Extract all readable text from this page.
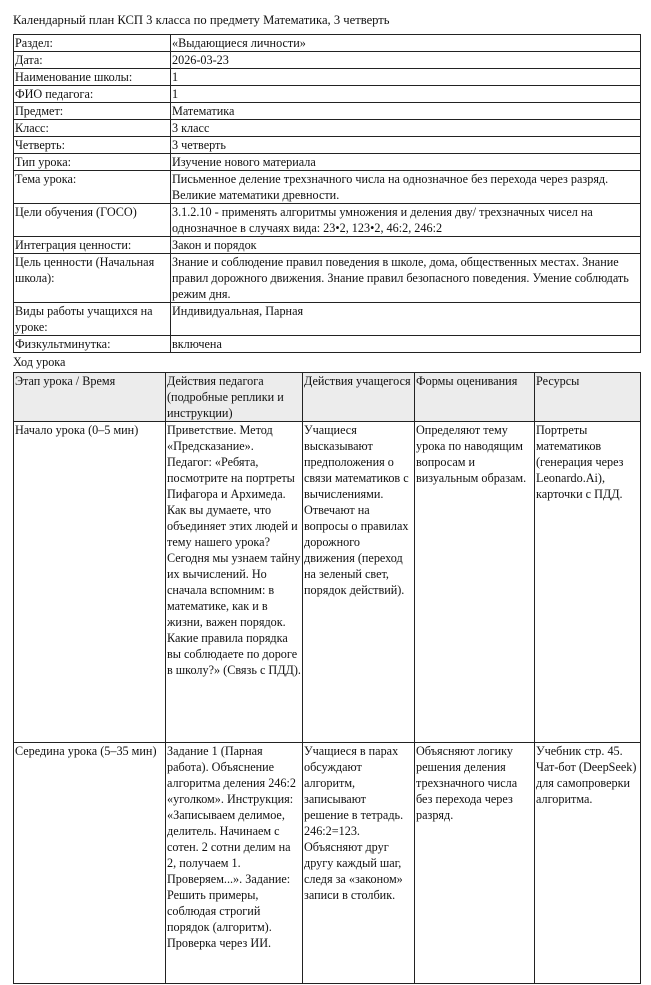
Календарный план КСП 3 класса по предмету Математика, 3 четверть

Раздел:	«Выдающиеся личности»
Дата:	2026-03-23
Наименование школы:	1
ФИО педагога:	1
Предмет:	Математика
Класс:	3 класс
Четверть:	3 четверть
Тип урока:	Изучение нового материала
Тема урока:	Письменное деление трехзначного числа на однозначное без перехода через разряд. Великие математики древности.
Цели обучения (ГОСО)	3.1.2.10 - применять алгоритмы умножения и деления дву/ трехзначных чисел на однозначное в случаях вида: 23•2, 123•2, 46:2, 246:2
Интеграция ценности:	Закон и порядок
Цель ценности (Начальная школа):	Знание и соблюдение правил поведения в школе, дома, общественных местах. Знание правил дорожного движения. Знание правил безопасного поведения. Умение соблюдать режим дня.
Виды работы учащихся на уроке:	Индивидуальная, Парная
Физкультминутка:	включена

Ход урока

Этап урока / Время	Действия педагога (подробные реплики и инструкции)	Действия учащегося	Формы оценивания	Ресурсы
Начало урока (0–5 мин)	Приветствие. Метод «Предсказание». Педагог: «Ребята, посмотрите на портреты Пифагора и Архимеда. Как вы думаете, что объединяет этих людей и тему нашего урока? Сегодня мы узнаем тайну их вычислений. Но сначала вспомним: в математике, как и в жизни, важен порядок. Какие правила порядка вы соблюдаете по дороге в школу?» (Связь с ПДД).	Учащиеся высказывают предположения о связи математиков с вычислениями. Отвечают на вопросы о правилах дорожного движения (переход на зеленый свет, порядок действий).	Определяют тему урока по наводящим вопросам и визуальным образам.	Портреты математиков (генерация через Leonardo.Ai), карточки с ПДД.
Середина урока (5–35 мин)	Задание 1 (Парная работа). Объяснение алгоритма деления 246:2 «уголком». Инструкция: «Записываем делимое, делитель. Начинаем с сотен. 2 сотни делим на 2, получаем 1. Проверяем...». Задание: Решить примеры, соблюдая строгий порядок (алгоритм). Проверка через ИИ.	Учащиеся в парах обсуждают алгоритм, записывают решение в тетрадь. 246:2=123. Объясняют друг другу каждый шаг, следя за «законом» записи в столбик.	Объясняют логику решения деления трехзначного числа без перехода через разряд.	Учебник стр. 45. Чат-бот (DeepSeek) для самопроверки алгоритма.
